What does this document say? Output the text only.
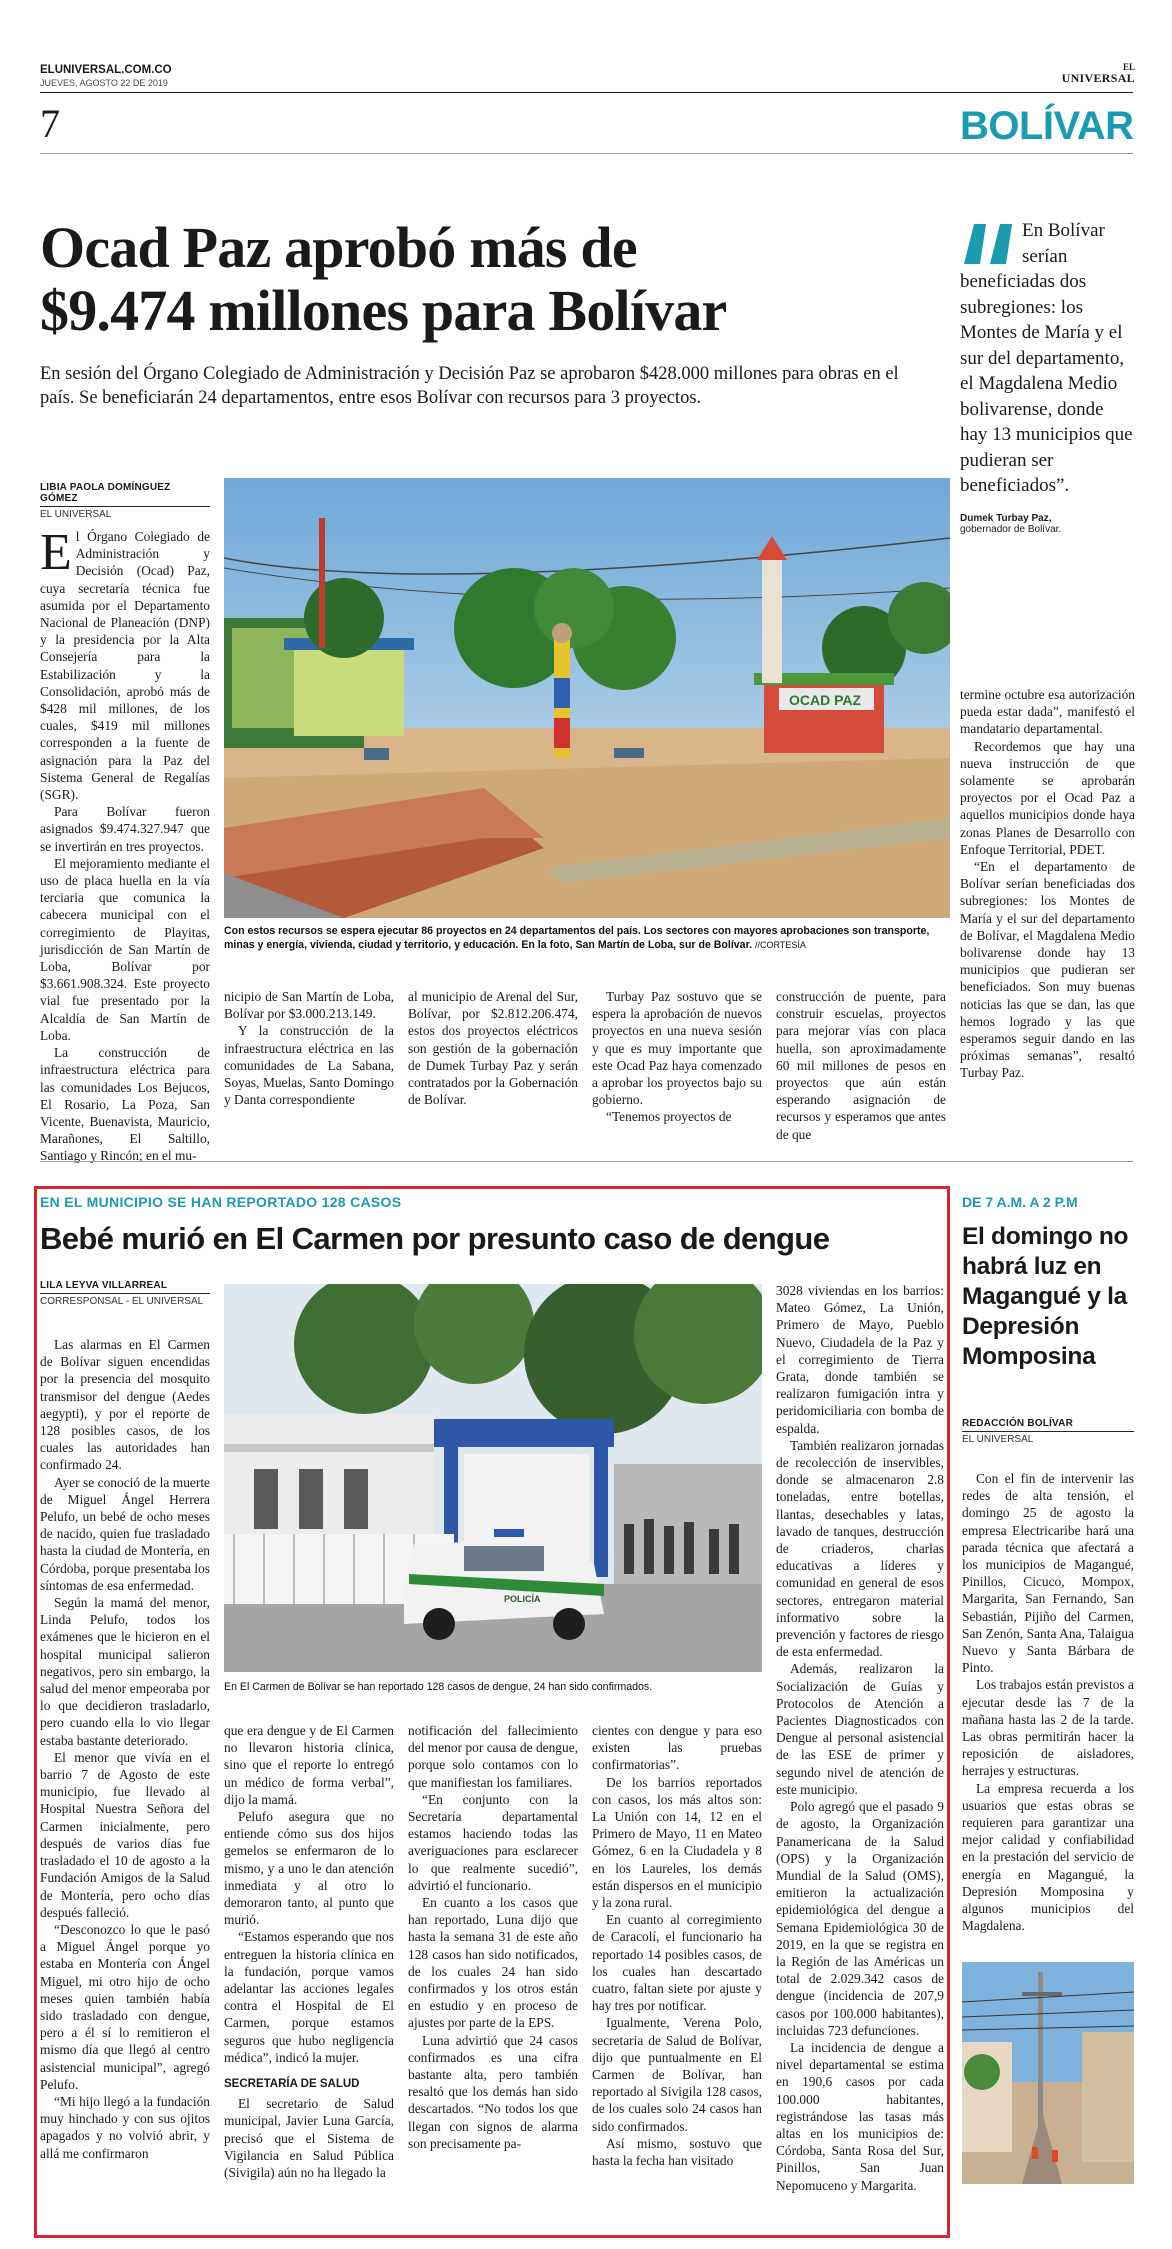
ELUNIVERSAL.COM.CO
JUEVES, AGOSTO 22 DE 2019
EL
UNIVERSAL
7	BOLÍVAR
Ocad Paz aprobó más de
$9.474 millones para Bolívar
En sesión del Órgano Colegiado de Administración y Decisión Paz se aprobaron $428.000 millones para obras en el país. Se beneficiarán 24 departamentos, entre esos Bolívar con recursos para 3 proyectos.
En Bolívar serían beneficiadas dos subregiones: los Montes de María y el sur del departamento, el Magdalena Medio bolivarense, donde hay 13 municipios que pudieran ser beneficiados”.
Dumek Turbay Paz,
gobernador de Bolívar.
LIBIA PAOLA DOMÍNGUEZ GÓMEZ
EL UNIVERSAL

El Órgano Colegiado de Administración y Decisión (Ocad) Paz, cuya secretaría técnica fue asumida por el Departamento Nacional de Planeación (DNP) y la presidencia por la Alta Consejería para la Estabilización y la Consolidación, aprobó más de $428 mil millones, de los cuales, $419 mil millones corresponden a la fuente de asignación para la Paz del Sistema General de Regalías (SGR).

Para Bolívar fueron asignados $9.474.327.947 que se invertirán en tres proyectos.

El mejoramiento mediante el uso de placa huella en la vía terciaria que comunica la cabecera municipal con el corregimiento de Playitas, jurisdicción de San Martín de Loba, Bolívar por $3.661.908.324. Este proyecto vial fue presentado por la Alcaldía de San Martín de Loba.

La construcción de infraestructura eléctrica para las comunidades Los Bejucos, El Rosario, La Poza, San Vicente, Buenavista, Mauricio, Marañones, El Saltillo, Santiago y Rincón; en el mu-

OCAD PAZ
Con estos recursos se espera ejecutar 86 proyectos en 24 departamentos del país. Los sectores con mayores aprobaciones son transporte, minas y energía, vivienda, ciudad y territorio, y educación. En la foto, San Martín de Loba, sur de Bolívar. //CORTESÍA

nicipio de San Martín de Loba, Bolívar por $3.000.213.149.

Y la construcción de la infraestructura eléctrica en las comunidades de La Sabana, Soyas, Muelas, Santo Domingo y Danta correspondiente

al municipio de Arenal del Sur, Bolívar, por $2.812.206.474, estos dos proyectos eléctricos son gestión de la gobernación de Dumek Turbay Paz y serán contratados por la Gobernación de Bolívar.

Turbay Paz sostuvo que se espera la aprobación de nuevos proyectos en una nueva sesión y que es muy importante que este Ocad Paz haya comenzado a aprobar los proyectos bajo su gobierno.

“Tenemos proyectos de

construcción de puente, para construir escuelas, proyectos para mejorar vías con placa huella, son aproximadamente 60 mil millones de pesos en proyectos que aún están esperando asignación de recursos y esperamos que antes de que

termine octubre esa autorización pueda estar dada”, manifestó el mandatario departamental.

Recordemos que hay una nueva instrucción de que solamente se aprobarán proyectos por el Ocad Paz a aquellos municipios donde haya zonas Planes de Desarrollo con Enfoque Territorial, PDET.

“En el departamento de Bolívar serían beneficiadas dos subregiones: los Montes de María y el sur del departamento de Bolívar, el Magdalena Medio bolivarense donde hay 13 municipios que pudieran ser beneficiados. Son muy buenas noticias las que se dan, las que hemos logrado y las que esperamos seguir dando en las próximas semanas”, resaltó Turbay Paz.

EN EL MUNICIPIO SE HAN REPORTADO 128 CASOS
Bebé murió en El Carmen por presunto caso de dengue
LILA LEYVA VILLARREAL
CORRESPONSAL - EL UNIVERSAL

Las alarmas en El Carmen de Bolívar siguen encendidas por la presencia del mosquito transmisor del dengue (Aedes aegypti), y por el reporte de 128 posibles casos, de los cuales las autoridades han confirmado 24.

Ayer se conoció de la muerte de Miguel Ángel Herrera Pelufo, un bebé de ocho meses de nacido, quien fue trasladado hasta la ciudad de Montería, en Córdoba, porque presentaba los síntomas de esa enfermedad.

Según la mamá del menor, Linda Pelufo, todos los exámenes que le hicieron en el hospital municipal salieron negativos, pero sin embargo, la salud del menor empeoraba por lo que decidieron trasladarlo, pero cuando ella lo vio llegar estaba bastante deteriorado.

El menor que vivía en el barrio 7 de Agosto de este municipio, fue llevado al Hospital Nuestra Señora del Carmen inicialmente, pero después de varios días fue trasladado el 10 de agosto a la Fundación Amigos de la Salud de Montería, pero ocho días después falleció.

“Desconozco lo que le pasó a Miguel Ángel porque yo estaba en Montería con Ángel Miguel, mi otro hijo de ocho meses quien también había sido trasladado con dengue, pero a él sí lo remitieron el mismo día que llegó al centro asistencial municipal”, agregó Pelufo.

“Mi hijo llegó a la fundación muy hinchado y con sus ojitos apagados y no volvió abrir, y allá me confirmaron

POLICÍA
En El Carmen de Bolívar se han reportado 128 casos de dengue, 24 han sido confirmados.

que era dengue y de El Carmen no llevaron historia clínica, sino que el reporte lo entregó un médico de forma verbal”, dijo la mamá.

Pelufo asegura que no entiende cómo sus dos hijos gemelos se enfermaron de lo mismo, y a uno le dan atención inmediata y al otro lo demoraron tanto, al punto que murió.

“Estamos esperando que nos entreguen la historia clínica en la fundación, porque vamos adelantar las acciones legales contra el Hospital de El Carmen, porque estamos seguros que hubo negligencia médica”, indicó la mujer.

SECRETARÍA DE SALUD

El secretario de Salud municipal, Javier Luna García, precisó que el Sistema de Vigilancia en Salud Pública (Sivigila) aún no ha llegado la

notificación del fallecimiento del menor por causa de dengue, porque solo contamos con lo que manifiestan los familiares.

“En conjunto con la Secretaría departamental estamos haciendo todas las averiguaciones para esclarecer lo que realmente sucedió”, advirtió el funcionario.

En cuanto a los casos que han reportado, Luna dijo que hasta la semana 31 de este año 128 casos han sido notificados, de los cuales 24 han sido confirmados y los otros están en estudio y en proceso de ajustes por parte de la EPS.

Luna advirtió que 24 casos confirmados es una cifra bastante alta, pero también resaltó que los demás han sido descartados. “No todos los que llegan con signos de alarma son precisamente pa-

cientes con dengue y para eso existen las pruebas confirmatorias”.

De los barrios reportados con casos, los más altos son: La Unión con 14, 12 en el Primero de Mayo, 11 en Mateo Gómez, 6 en la Ciudadela y 8 en los Laureles, los demás están dispersos en el municipio y la zona rural.

En cuanto al corregimiento de Caracolí, el funcionario ha reportado 14 posibles casos, de los cuales han descartado cuatro, faltan siete por ajuste y hay tres por notificar.

Igualmente, Verena Polo, secretaria de Salud de Bolívar, dijo que puntualmente en El Carmen de Bolívar, han reportado al Sivigila 128 casos, de los cuales solo 24 casos han sido confirmados.

Así mismo, sostuvo que hasta la fecha han visitado

3028 viviendas en los barrios: Mateo Gómez, La Unión, Primero de Mayo, Pueblo Nuevo, Ciudadela de la Paz y el corregimiento de Tierra Grata, donde también se realizaron fumigación intra y peridomiciliaria con bomba de espalda.

También realizaron jornadas de recolección de inservibles, donde se almacenaron 2.8 toneladas, entre botellas, llantas, desechables y latas, lavado de tanques, destrucción de criaderos, charlas educativas a líderes y comunidad en general de esos sectores, entregaron material informativo sobre la prevención y factores de riesgo de esta enfermedad.

Además, realizaron la Socialización de Guías y Protocolos de Atención a Pacientes Diagnosticados con Dengue al personal asistencial de las ESE de primer y segundo nivel de atención de este municipio.

Polo agregó que el pasado 9 de agosto, la Organización Panamericana de la Salud (OPS) y la Organización Mundial de la Salud (OMS), emitieron la actualización epidemiológica del dengue a Semana Epidemiológica 30 de 2019, en la que se registra en la Región de las Américas un total de 2.029.342 casos de dengue (incidencia de 207,9 casos por 100.000 habitantes), incluidas 723 defunciones.

La incidencia de dengue a nivel departamental se estima en 190,6 casos por cada 100.000 habitantes, registrándose las tasas más altas en los municipios de: Córdoba, Santa Rosa del Sur, Pinillos, San Juan Nepomuceno y Margarita.

DE 7 A.M. A 2 P.M
El domingo no habrá luz en Magangué y la Depresión Momposina
REDACCIÓN BOLÍVAR
EL UNIVERSAL

Con el fin de intervenir las redes de alta tensión, el domingo 25 de agosto la empresa Electricaribe hará una parada técnica que afectará a los municipios de Magangué, Pinillos, Cicuco, Mompox, Margarita, San Fernando, San Sebastián, Pijiño del Carmen, San Zenón, Santa Ana, Talaigua Nuevo y Santa Bárbara de Pinto.

Los trabajos están previstos a ejecutar desde las 7 de la mañana hasta las 2 de la tarde. Las obras permitirán hacer la reposición de aisladores, herrajes y estructuras.

La empresa recuerda a los usuarios que estas obras se requieren para garantizar una mejor calidad y confiabilidad en la prestación del servicio de energía en Magangué, la Depresión Momposina y algunos municipios del Magdalena.
